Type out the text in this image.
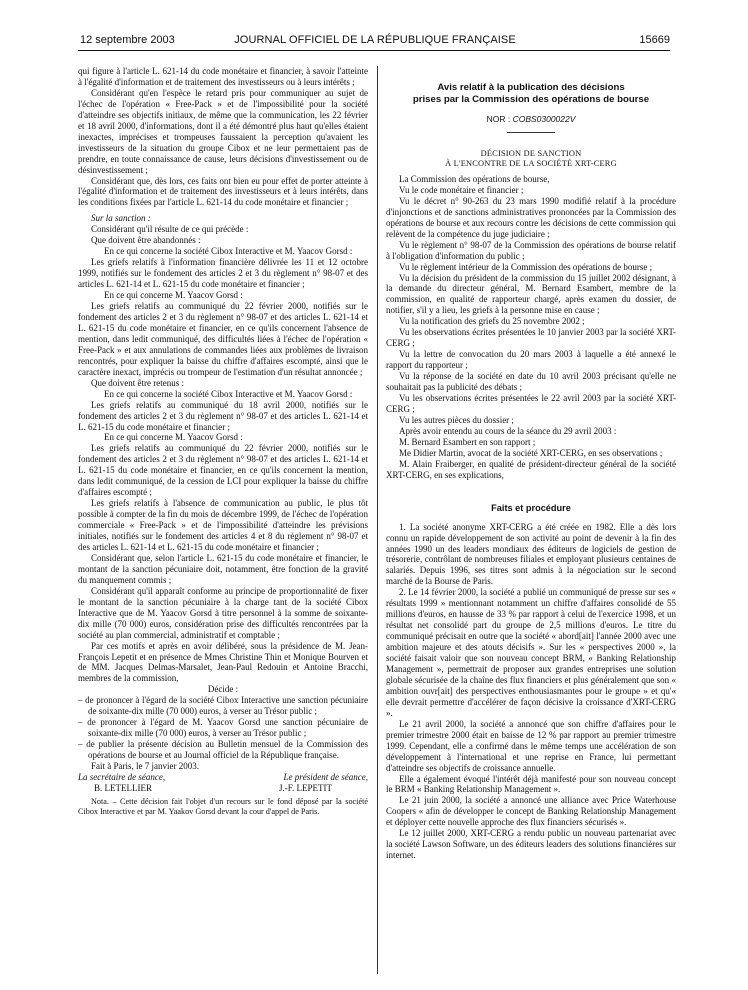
12 septembre 2003	JOURNAL OFFICIEL DE LA RÉPUBLIQUE FRANÇAISE	15669

qui figure à l'article L. 621-14 du code monétaire et financier, à savoir l'atteinte à l'égalité d'information et de traitement des investisseurs ou à leurs intérêts ;

Considérant qu'en l'espèce le retard pris pour communiquer au sujet de l'échec de l'opération « Free-Pack » et de l'impossibilité pour la société d'atteindre ses objectifs initiaux, de même que la communication, les 22 février et 18 avril 2000, d'informations, dont il a été démontré plus haut qu'elles étaient inexactes, imprécises et trompeuses faussaient la perception qu'avaient les investisseurs de la situation du groupe Cibox et ne leur permettaient pas de prendre, en toute connaissance de cause, leurs décisions d'investissement ou de désinvestissement ;

Considérant que, dès lors, ces faits ont bien eu pour effet de porter atteinte à l'égalité d'information et de traitement des investisseurs et à leurs intérêts, dans les conditions fixées par l'article L. 621-14 du code monétaire et financier ;

Sur la sanction :

Considérant qu'il résulte de ce qui précède :

Que doivent être abandonnés :

En ce qui concerne la société Cibox Interactive et M. Yaacov Gorsd :

Les griefs relatifs à l'information financière délivrée les 11 et 12 octobre 1999, notifiés sur le fondement des articles 2 et 3 du règlement n° 98-07 et des articles L. 621-14 et L. 621-15 du code monétaire et financier ;

En ce qui concerne M. Yaacov Gorsd :

Les griefs relatifs au communiqué du 22 février 2000, notifiés sur le fondement des articles 2 et 3 du règlement n° 98-07 et des articles L. 621-14 et L. 621-15 du code monétaire et financier, en ce qu'ils concernent l'absence de mention, dans ledit communiqué, des difficultés liées à l'échec de l'opération « Free-Pack » et aux annulations de commandes liées aux problèmes de livraison rencontrés, pour expliquer la baisse du chiffre d'affaires escompté, ainsi que le caractère inexact, imprécis ou trompeur de l'estimation d'un résultat annoncée ;

Que doivent être retenus :

En ce qui concerne la société Cibox Interactive et M. Yaacov Gorsd :

Les griefs relatifs au communiqué du 18 avril 2000, notifiés sur le fondement des articles 2 et 3 du règlement n° 98-07 et des articles L. 621-14 et L. 621-15 du code monétaire et financier ;

En ce qui concerne M. Yaacov Gorsd :

Les griefs relatifs au communiqué du 22 février 2000, notifiés sur le fondement des articles 2 et 3 du règlement n° 98-07 et des articles L. 621-14 et L. 621-15 du code monétaire et financier, en ce qu'ils concernent la mention, dans ledit communiqué, de la cession de LCI pour expliquer la baisse du chiffre d'affaires escompté ;

Les griefs relatifs à l'absence de communication au public, le plus tôt possible à compter de la fin du mois de décembre 1999, de l'échec de l'opération commerciale « Free-Pack » et de l'impossibilité d'atteindre les prévisions initiales, notifiés sur le fondement des articles 4 et 8 du règlement n° 98-07 et des articles L. 621-14 et L. 621-15 du code monétaire et financier ;

Considérant que, selon l'article L. 621-15 du code monétaire et financier, le montant de la sanction pécuniaire doit, notamment, être fonction de la gravité du manquement commis ;

Considérant qu'il apparaît conforme au principe de proportionnalité de fixer le montant de la sanction pécuniaire à la charge tant de la société Cibox Interactive que de M. Yaacov Gorsd à titre personnel à la somme de soixante-dix mille (70 000) euros, considération prise des difficultés rencontrées par la société au plan commercial, administratif et comptable ;

Par ces motifs et après en avoir délibéré, sous la présidence de M. Jean-François Lepetit et en présence de Mmes Christine Thin et Monique Bourven et de MM. Jacques Delmas-Marsalet, Jean-Paul Redouin et Antoine Bracchi, membres de la commission,

Décide :

– de prononcer à l'égard de la société Cibox Interactive une sanction pécuniaire de soixante-dix mille (70 000) euros, à verser au Trésor public ;

– de prononcer à l'égard de M. Yaacov Gorsd une sanction pécuniaire de soixante-dix mille (70 000) euros, à verser au Trésor public ;

– de publier la présente décision au Bulletin mensuel de la Commission des opérations de bourse et au Journal officiel de la République française.

Fait à Paris, le 7 janvier 2003.

La secrétaire de séance,	Le président de séance,
B. LETELLIER	J.-F. LEPETIT

Nota. – Cette décision fait l'objet d'un recours sur le fond déposé par la société Cibox Interactive et par M. Yaakov Gorsd devant la cour d'appel de Paris.

Avis relatif à la publication des décisions
prises par la Commission des opérations de bourse
NOR : COBS0300022V
DÉCISION DE SANCTION
À L'ENCONTRE DE LA SOCIÉTÉ XRT-CERG

La Commission des opérations de bourse,

Vu le code monétaire et financier ;

Vu le décret n° 90-263 du 23 mars 1990 modifié relatif à la procédure d'injonctions et de sanctions administratives prononcées par la Commission des opérations de bourse et aux recours contre les décisions de cette commission qui relèvent de la compétence du juge judiciaire ;

Vu le règlement n° 98-07 de la Commission des opérations de bourse relatif à l'obligation d'information du public ;

Vu le règlement intérieur de la Commission des opérations de bourse ;

Vu la décision du président de la commission du 15 juillet 2002 désignant, à la demande du directeur général, M. Bernard Esambert, membre de la commission, en qualité de rapporteur chargé, après examen du dossier, de notifier, s'il y a lieu, les griefs à la personne mise en cause ;

Vu la notification des griefs du 25 novembre 2002 ;

Vu les observations écrites présentées le 10 janvier 2003 par la société XRT-CERG ;

Vu la lettre de convocation du 20 mars 2003 à laquelle a été annexé le rapport du rapporteur ;

Vu la réponse de la société en date du 10 avril 2003 précisant qu'elle ne souhaitait pas la publicité des débats ;

Vu les observations écrites présentées le 22 avril 2003 par la société XRT-CERG ;

Vu les autres pièces du dossier ;

Après avoir entendu au cours de la séance du 29 avril 2003 :

M. Bernard Esambert en son rapport ;

Me Didier Martin, avocat de la société XRT-CERG, en ses observations ;

M. Alain Fraiberger, en qualité de président-directeur général de la société XRT-CERG, en ses explications,

Faits et procédure

1. La société anonyme XRT-CERG a été créée en 1982. Elle a dès lors connu un rapide développement de son activité au point de devenir à la fin des années 1990 un des leaders mondiaux des éditeurs de logiciels de gestion de trésorerie, contrôlant de nombreuses filiales et employant plusieurs centaines de salariés. Depuis 1996, ses titres sont admis à la négociation sur le second marché de la Bourse de Paris.

2. Le 14 février 2000, la société a publié un communiqué de presse sur ses « résultats 1999 » mentionnant notamment un chiffre d'affaires consolidé de 55 millions d'euros, en hausse de 33 % par rapport à celui de l'exercice 1998, et un résultat net consolidé part du groupe de 2,5 millions d'euros. Le titre du communiqué précisait en outre que la société « abord[ait] l'année 2000 avec une ambition majeure et des atouts décisifs ». Sur les « perspectives 2000 », la société faisait valoir que son nouveau concept BRM, « Banking Relationship Management », permettrait de proposer aux grandes entreprises une solution globale sécurisée de la chaîne des flux financiers et plus généralement que son « ambition ouvr[ait] des perspectives enthousiasmantes pour le groupe » et qu'« elle devrait permettre d'accélérer de façon décisive la croissance d'XRT-CERG ».

Le 21 avril 2000, la société a annoncé que son chiffre d'affaires pour le premier trimestre 2000 était en baisse de 12 % par rapport au premier trimestre 1999. Cependant, elle a confirmé dans le même temps une accélération de son développement à l'international et une reprise en France, lui permettant d'atteindre ses objectifs de croissance annuelle.

Elle a également évoqué l'intérêt déjà manifesté pour son nouveau concept le BRM « Banking Relationship Management ».

Le 21 juin 2000, la société a annoncé une alliance avec Price Waterhouse Coopers « afin de développer le concept de Banking Relationship Management et déployer cette nouvelle approche des flux financiers sécurisés ».

Le 12 juillet 2000, XRT-CERG a rendu public un nouveau partenariat avec la société Lawson Software, un des éditeurs leaders des solutions financières sur internet.
